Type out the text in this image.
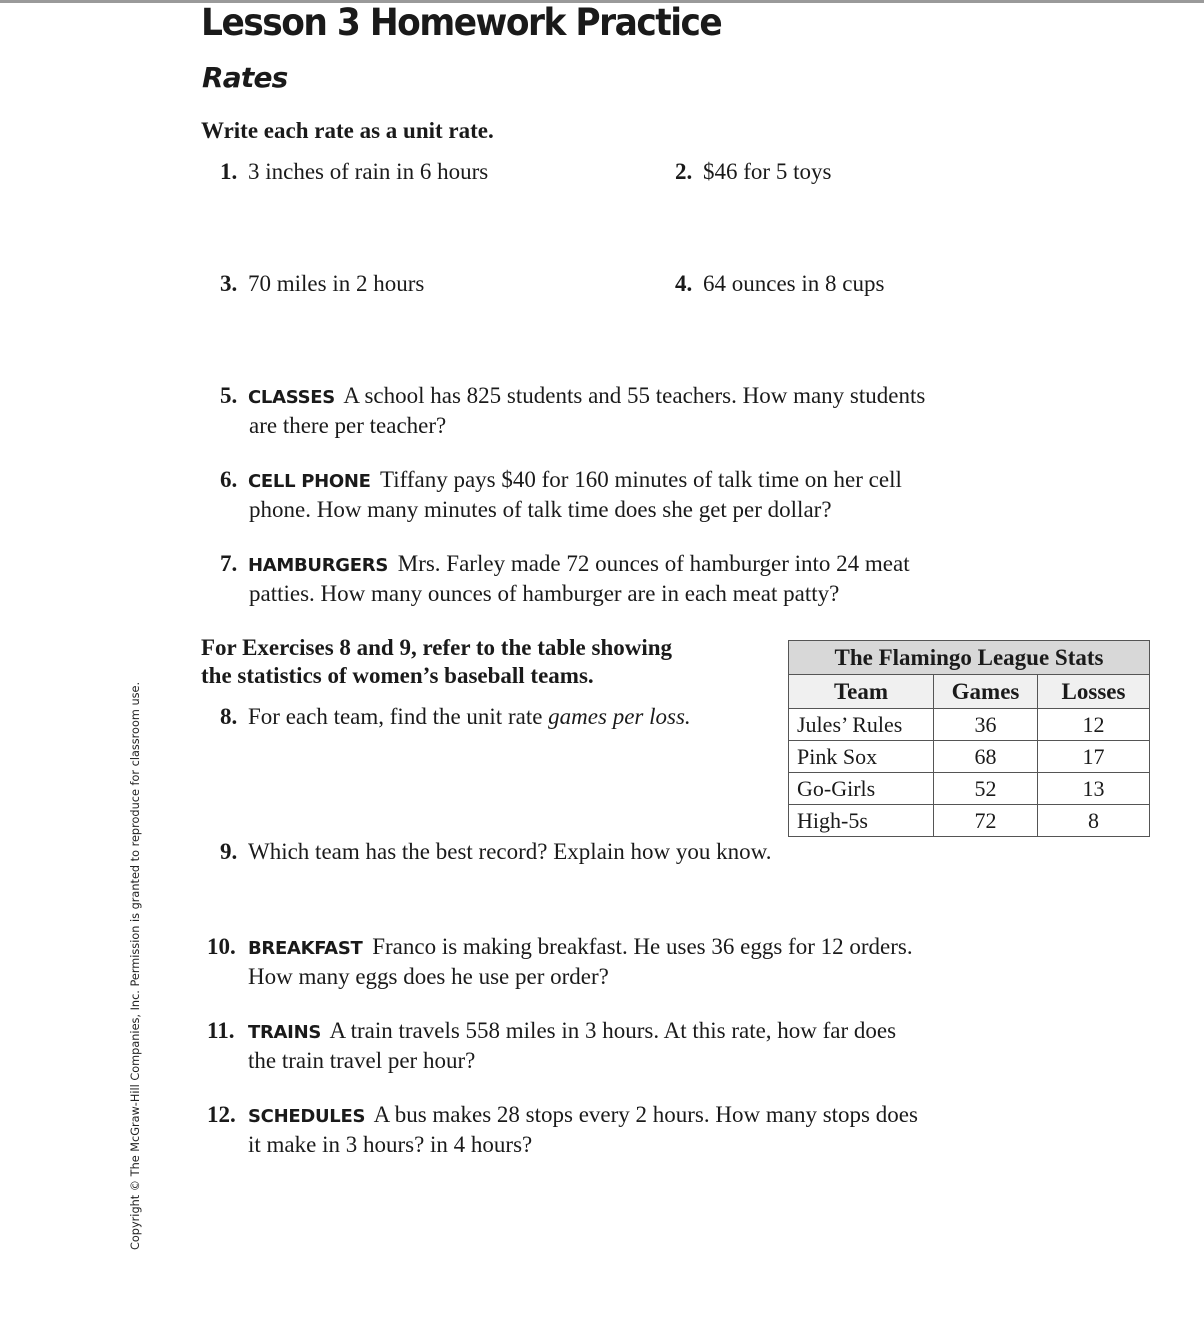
Lesson 3 Homework Practice
Rates
Write each rate as a unit rate.
1. 3 inches of rain in 6 hours	2. $46 for 5 toys
3. 70 miles in 2 hours	4. 64 ounces in 8 cups
5. CLASSES A school has 825 students and 55 teachers. How many students
are there per teacher?
6. CELL PHONE Tiffany pays $40 for 160 minutes of talk time on her cell
phone. How many minutes of talk time does she get per dollar?
7. HAMBURGERS Mrs. Farley made 72 ounces of hamburger into 24 meat
patties. How many ounces of hamburger are in each meat patty?
For Exercises 8 and 9, refer to the table showing
the statistics of women’s baseball teams.
8. For each team, find the unit rate games per loss.
The Flamingo League Stats		
Team	Games	Losses
Jules’ Rules	36	12
Pink Sox	68	17
Go-Girls	52	13
High-5s	72	8
9. Which team has the best record? Explain how you know.
10. BREAKFAST Franco is making breakfast. He uses 36 eggs for 12 orders.
How many eggs does he use per order?
11. TRAINS A train travels 558 miles in 3 hours. At this rate, how far does
the train travel per hour?
12. SCHEDULES A bus makes 28 stops every 2 hours. How many stops does
it make in 3 hours? in 4 hours?
Copyright © The McGraw-Hill Companies, Inc. Permission is granted to reproduce for classroom use.
